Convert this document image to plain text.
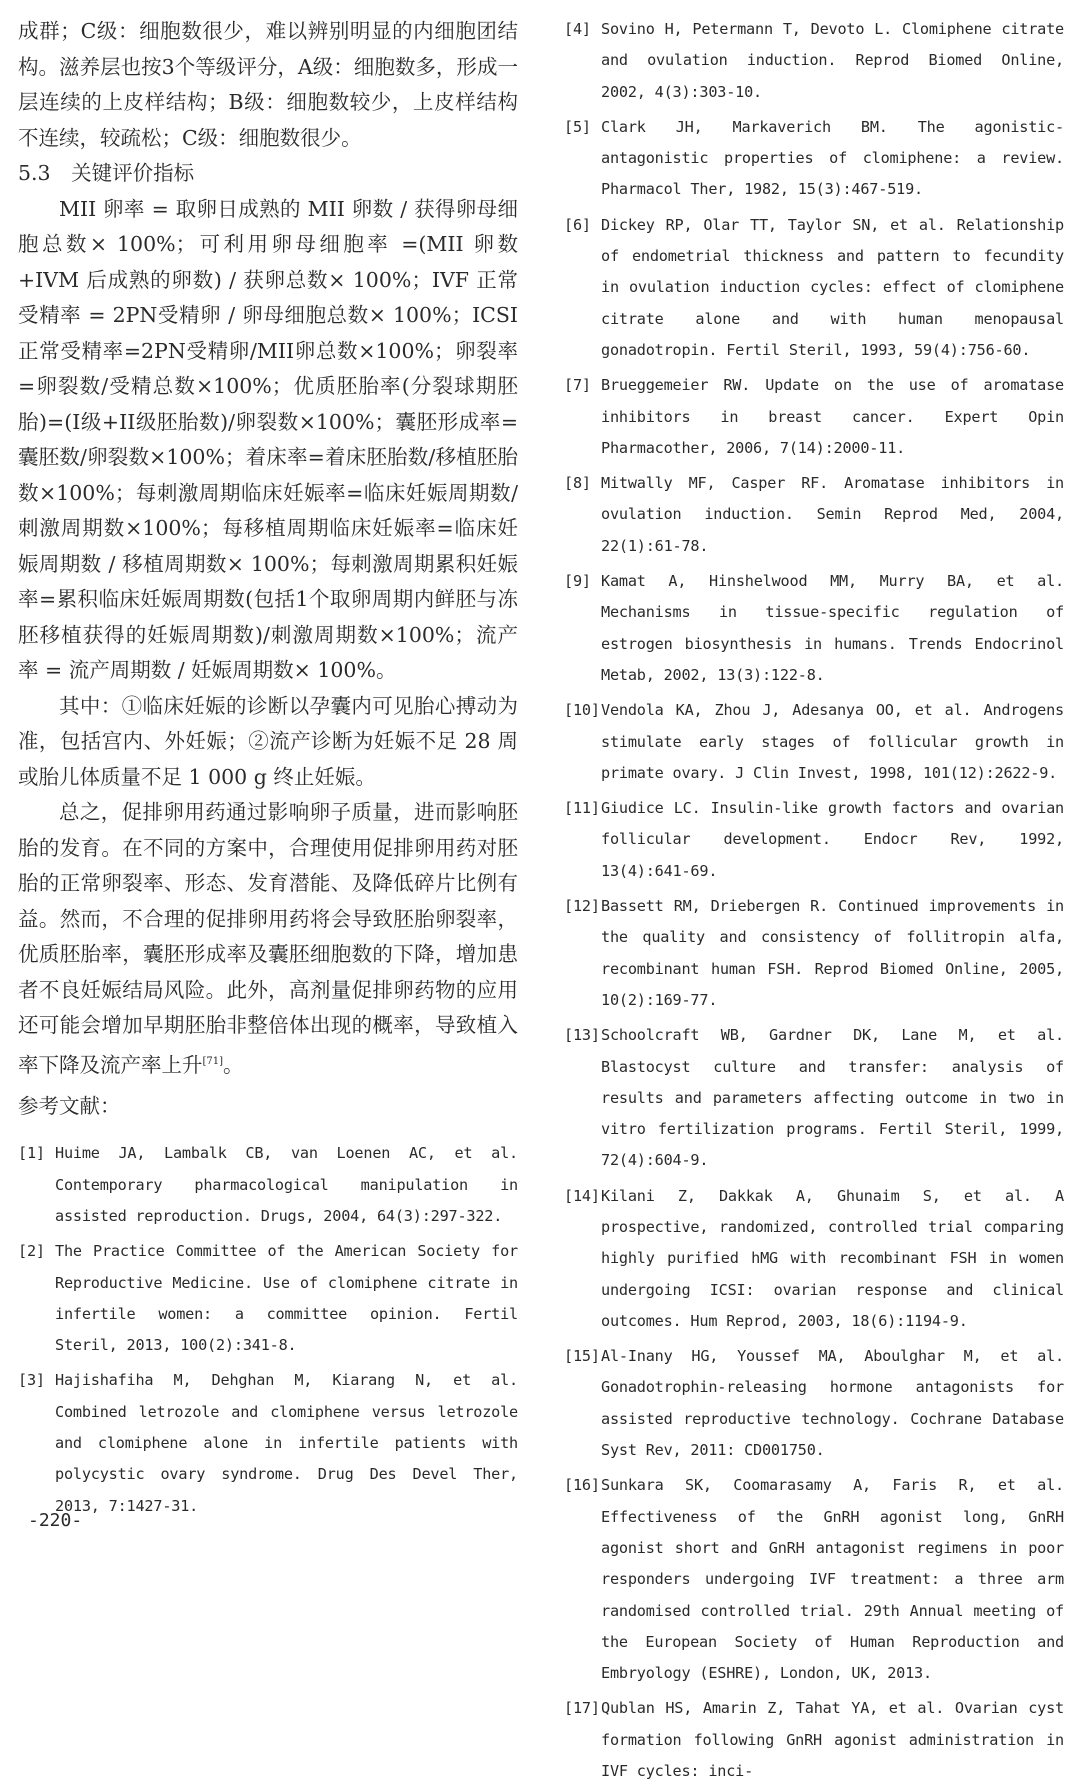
成群；C级：细胞数很少，难以辨别明显的内细胞团结构。滋养层也按3个等级评分，A级：细胞数多，形成一层连续的上皮样结构；B级：细胞数较少，上皮样结构不连续，较疏松；C级：细胞数很少。

5.3　关键评价指标

MII 卵率 = 取卵日成熟的 MII 卵数 / 获得卵母细胞总数× 100%；可利用卵母细胞率 =(MII 卵数 +IVM 后成熟的卵数) / 获卵总数× 100%；IVF 正常受精率 = 2PN受精卵 / 卵母细胞总数× 100%；ICSI 正常受精率=2PN受精卵/MII卵总数×100%；卵裂率=卵裂数/受精总数×100%；优质胚胎率(分裂球期胚胎)=(I级+II级胚胎数)/卵裂数×100%；囊胚形成率=囊胚数/卵裂数×100%；着床率=着床胚胎数/移植胚胎数×100%；每刺激周期临床妊娠率=临床妊娠周期数/刺激周期数×100%；每移植周期临床妊娠率=临床妊娠周期数 / 移植周期数× 100%；每刺激周期累积妊娠率=累积临床妊娠周期数(包括1个取卵周期内鲜胚与冻胚移植获得的妊娠周期数)/刺激周期数×100%；流产率 = 流产周期数 / 妊娠周期数× 100%。

其中：①临床妊娠的诊断以孕囊内可见胎心搏动为准，包括宫内、外妊娠；②流产诊断为妊娠不足 28 周或胎儿体质量不足 1 000 g 终止妊娠。

总之，促排卵用药通过影响卵子质量，进而影响胚胎的发育。在不同的方案中，合理使用促排卵用药对胚胎的正常卵裂率、形态、发育潜能、及降低碎片比例有益。然而，不合理的促排卵用药将会导致胚胎卵裂率，优质胚胎率，囊胚形成率及囊胚细胞数的下降，增加患者不良妊娠结局风险。此外，高剂量促排卵药物的应用还可能会增加早期胚胎非整倍体出现的概率，导致植入率下降及流产率上升[71]。

参考文献：

[1] Huime JA, Lambalk CB, van Loenen AC, et al. Contemporary pharmacological manipulation in assisted reproduction. Drugs, 2004, 64(3):297-322.
[2] The Practice Committee of the American Society for Reproductive Medicine. Use of clomiphene citrate in infertile women: a committee opinion. Fertil Steril, 2013, 100(2):341-8.
[3] Hajishafiha M, Dehghan M, Kiarang N, et al. Combined letrozole and clomiphene versus letrozole and clomiphene alone in infertile patients with polycystic ovary syndrome. Drug Des Devel Ther, 2013, 7:1427-31.
[4] Sovino H, Petermann T, Devoto L. Clomiphene citrate and ovulation induction. Reprod Biomed Online, 2002, 4(3):303-10.
[5] Clark JH, Markaverich BM. The agonistic-antagonistic properties of clomiphene: a review. Pharmacol Ther, 1982, 15(3):467-519.
[6] Dickey RP, Olar TT, Taylor SN, et al. Relationship of endometrial thickness and pattern to fecundity in ovulation induction cycles: effect of clomiphene citrate alone and with human menopausal gonadotropin. Fertil Steril, 1993, 59(4):756-60.
[7] Brueggemeier RW. Update on the use of aromatase inhibitors in breast cancer. Expert Opin Pharmacother, 2006, 7(14):2000-11.
[8] Mitwally MF, Casper RF. Aromatase inhibitors in ovulation induction. Semin Reprod Med, 2004, 22(1):61-78.
[9] Kamat A, Hinshelwood MM, Murry BA, et al. Mechanisms in tissue-specific regulation of estrogen biosynthesis in humans. Trends Endocrinol Metab, 2002, 13(3):122-8.
[10] Vendola KA, Zhou J, Adesanya OO, et al. Androgens stimulate early stages of follicular growth in primate ovary. J Clin Invest, 1998, 101(12):2622-9.
[11] Giudice LC. Insulin-like growth factors and ovarian follicular development. Endocr Rev, 1992, 13(4):641-69.
[12] Bassett RM, Driebergen R. Continued improvements in the quality and consistency of follitropin alfa, recombinant human FSH. Reprod Biomed Online, 2005, 10(2):169-77.
[13] Schoolcraft WB, Gardner DK, Lane M, et al. Blastocyst culture and transfer: analysis of results and parameters affecting outcome in two in vitro fertilization programs. Fertil Steril, 1999, 72(4):604-9.
[14] Kilani Z, Dakkak A, Ghunaim S, et al. A prospective, randomized, controlled trial comparing highly purified hMG with recombinant FSH in women undergoing ICSI: ovarian response and clinical outcomes. Hum Reprod, 2003, 18(6):1194-9.
[15] Al-Inany HG, Youssef MA, Aboulghar M, et al. Gonadotrophin-releasing hormone antagonists for assisted reproductive technology. Cochrane Database Syst Rev, 2011: CD001750.
[16] Sunkara SK, Coomarasamy A, Faris R, et al. Effectiveness of the GnRH agonist long, GnRH agonist short and GnRH antagonist regimens in poor responders undergoing IVF treatment: a three arm randomised controlled trial. 29th Annual meeting of the European Society of Human Reproduction and Embryology (ESHRE), London, UK, 2013.
[17] Qublan HS, Amarin Z, Tahat YA, et al. Ovarian cyst formation following GnRH agonist administration in IVF cycles: inci-
-220-
